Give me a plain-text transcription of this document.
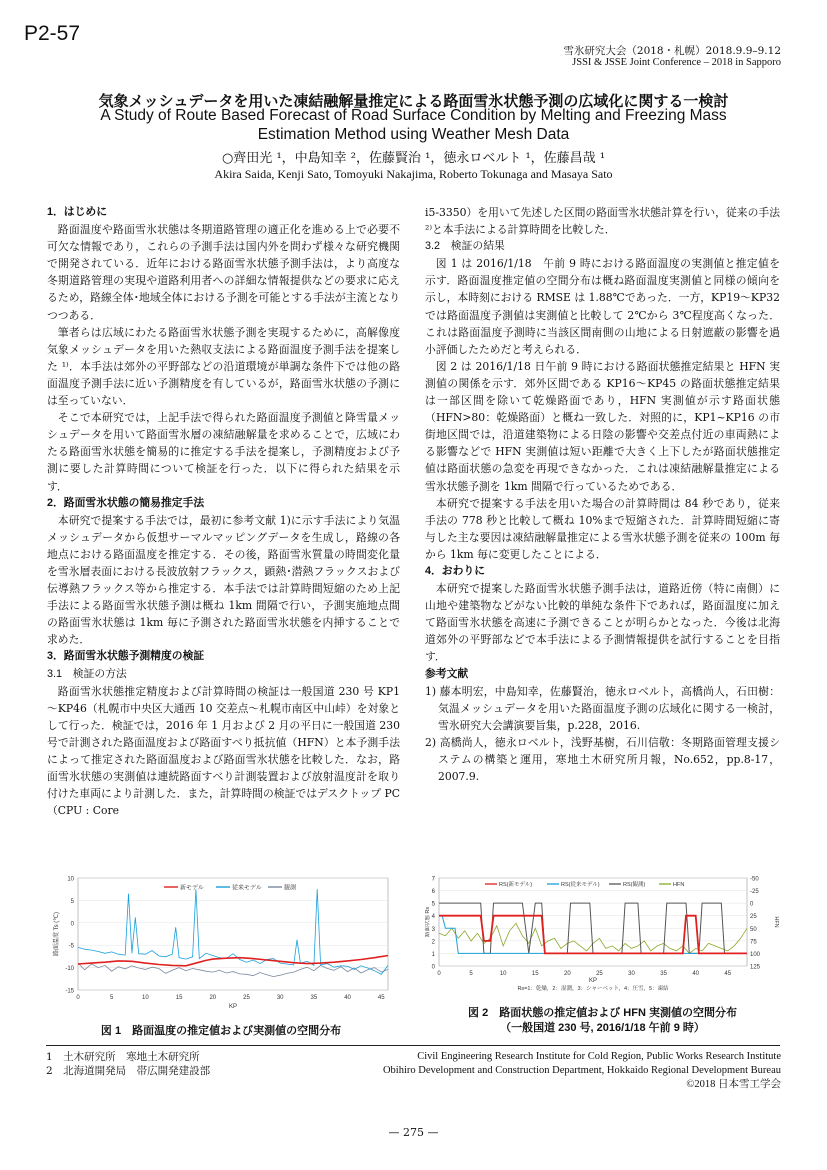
P2-57
雪氷研究大会（2018・札幌）2018.9.9–9.12
JSSI & JSSE Joint Conference – 2018 in Sapporo
気象メッシュデータを用いた凍結融解量推定による路面雪氷状態予測の広域化に関する一検討
A Study of Route Based Forecast of Road Surface Condition by Melting and Freezing Mass
Estimation Method using Weather Mesh Data
○齊田光 ¹，中島知幸 ²，佐藤賢治 ¹，徳永ロベルト ¹，佐藤昌哉 ¹
Akira Saida, Kenji Sato, Tomoyuki Nakajima, Roberto Tokunaga and Masaya Sato

1．はじめに

路面温度や路面雪氷状態は冬期道路管理の適正化を進める上で必要不可欠な情報であり，これらの予測手法は国内外を問わず様々な研究機関で開発されている．近年における路面雪氷状態予測手法は，より高度な冬期道路管理の実現や道路利用者への詳細な情報提供などの要求に応えるため，路線全体･地域全体における予測を可能とする手法が主流となりつつある．

筆者らは広域にわたる路面雪氷状態予測を実現するために，高解像度気象メッシュデータを用いた熱収支法による路面温度予測手法を提案した ¹⁾．本手法は郊外の平野部などの沿道環境が単調な条件下では他の路面温度予測手法に近い予測精度を有しているが，路面雪氷状態の予測には至っていない．

そこで本研究では，上記手法で得られた路面温度予測値と降雪量メッシュデータを用いて路面雪氷層の凍結融解量を求めることで，広域にわたる路面雪氷状態を簡易的に推定する手法を提案し，予測精度および予測に要した計算時間について検証を行った．以下に得られた結果を示す．

2．路面雪氷状態の簡易推定手法

本研究で提案する手法では，最初に参考文献 1)に示す手法により気温メッシュデータから仮想サーマルマッピングデータを生成し，路線の各地点における路面温度を推定する．その後，路面雪氷質量の時間変化量を雪氷層表面における長波放射フラックス，顕熱･潜熱フラックスおよび伝導熱フラックス等から推定する．本手法では計算時間短縮のため上記手法による路面雪氷状態予測は概ね 1km 間隔で行い，予測実施地点間の路面雪氷状態は 1km 毎に予測された路面雪氷状態を内挿することで求めた．

3．路面雪氷状態予測精度の検証

3.1　検証の方法

路面雪氷状態推定精度および計算時間の検証は一般国道 230 号 KP1～KP46（札幌市中央区大通西 10 交差点～札幌市南区中山峠）を対象として行った．検証では，2016 年 1 月および 2 月の平日に一般国道 230 号で計測された路面温度および路面すべり抵抗値（HFN）と本予測手法によって推定された路面温度および路面雪氷状態を比較した．なお，路面雪氷状態の実測値は連続路面すべり計測装置および放射温度計を取り付けた車両により計測した．また，計算時間の検証ではデスクトップ PC（CPU : Core

i5-3350）を用いて先述した区間の路面雪氷状態計算を行い，従来の手法 ²⁾と本手法による計算時間を比較した．

3.2　検証の結果

図 1 は 2016/1/18　午前 9 時における路面温度の実測値と推定値を示す．路面温度推定値の空間分布は概ね路面温度実測値と同様の傾向を示し，本時刻における RMSE は 1.88℃であった．一方，KP19～KP32 では路面温度予測値は実測値と比較して 2℃から 3℃程度高くなった．これは路面温度予測時に当該区間南側の山地による日射遮蔽の影響を過小評価したためだと考えられる．

図 2 は 2016/1/18 日午前 9 時における路面状態推定結果と HFN 実測値の関係を示す．郊外区間である KP16～KP45 の路面状態推定結果は一部区間を除いて乾燥路面であり，HFN 実測値が示す路面状態（HFN>80：乾燥路面）と概ね一致した．対照的に，KP1~KP16 の市街地区間では，沿道建築物による日陰の影響や交差点付近の車両熱による影響などで HFN 実測値は短い距離で大きく上下したが路面状態推定値は路面状態の急変を再現できなかった．これは凍結融解量推定による雪氷状態予測を 1km 間隔で行っているためである．

本研究で提案する手法を用いた場合の計算時間は 84 秒であり，従来手法の 778 秒と比較して概ね 10%まで短縮された．計算時間短縮に寄与した主な要因は凍結融解量推定による雪氷状態予測を従来の 100m 毎から 1km 毎に変更したことによる．

4．おわりに

本研究で提案した路面雪氷状態予測手法は，道路近傍（特に南側）に山地や建築物などがない比較的単純な条件下であれば，路面温度に加えて路面雪氷状態を高速に予測できることが明らかとなった．今後は北海道郊外の平野部などで本手法による予測情報提供を試行することを目指す．

参考文献

1) 藤本明宏，中島知幸，佐藤賢治，徳永ロベルト，高橋尚人，石田樹：気温メッシュデータを用いた路面温度予測の広域化に関する一検討，雪氷研究大会講演要旨集，p.228，2016.

2) 高橋尚人，徳永ロベルト，浅野基樹，石川信敬：冬期路面管理支援システムの構築と運用，寒地土木研究所月報，No.652，pp.8-17，2007.9.

10
5
0
-5
-10
-15
0	5	10	15	20	25	30	35	40	45
KP
路面温度 Ts (℃)
新モデル	従来モデル	観測
図 1　路面温度の推定値および実測値の空間分布
0
1
2
3
4
5
6
7	-50
-25
0
25
50
75
100
125
0	5	10	15	20	25	30	35	40	45
KP
Rs=1：乾燥，2：湿潤，3：シャーベット，4：圧雪，5：凍結
路面状態 Rs	HFN
RS(新モデル)	RS(従来モデル)	RS(観測)	HFN
図 2　路面状態の推定値および HFN 実測値の空間分布
（一般国道 230 号, 2016/1/18 午前 9 時）
1　土木研究所　寒地土木研究所
2　北海道開発局　帯広開発建設部
Civil Engineering Research Institute for Cold Region, Public Works Research Institute
Obihiro Development and Construction Department, Hokkaido Regional Development Bureau
©2018 日本雪工学会
— 275 —
